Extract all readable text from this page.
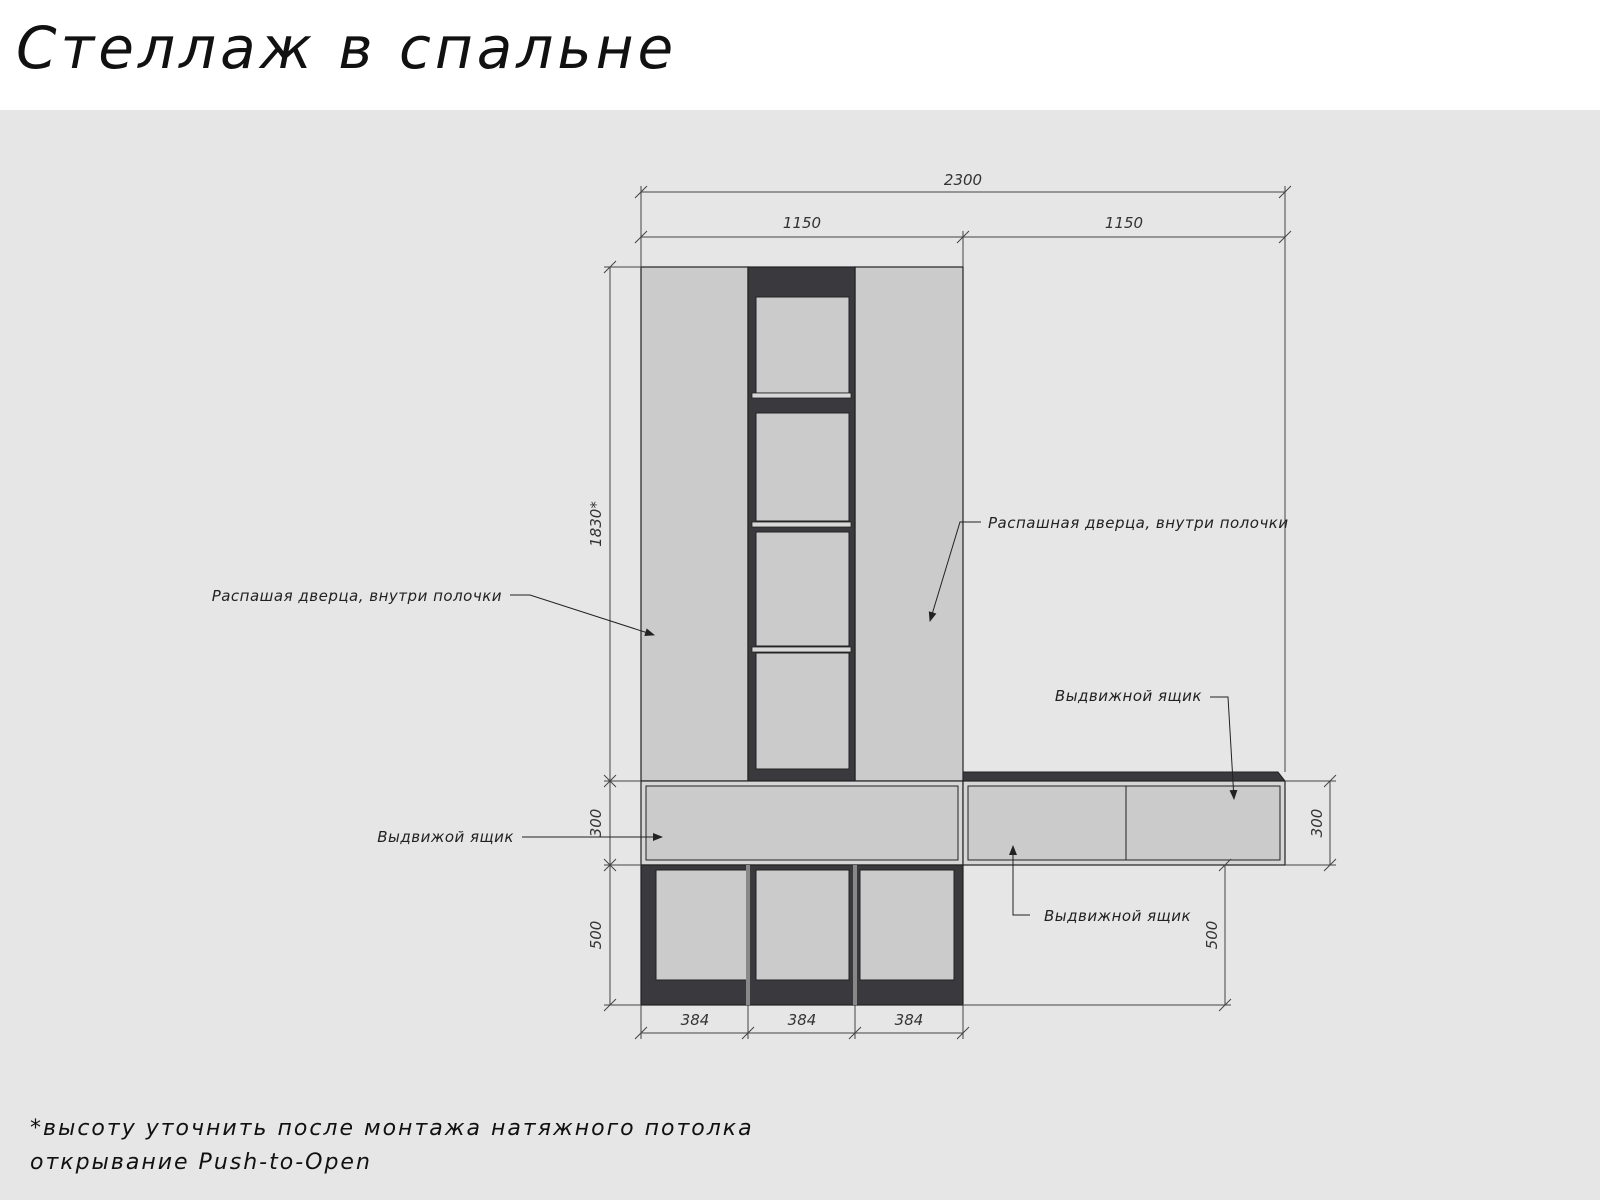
Стеллаж в спальне
2300
1150	1150
1830*
300
500
300
500
384	384	384
Распашая дверца, внутри полочки
Распашная дверца, внутри полочки
Выдвижой ящик
Выдвижной ящик
Выдвижной ящик
*высоту уточнить после монтажа натяжного потолка
открывание Push-to-Open
